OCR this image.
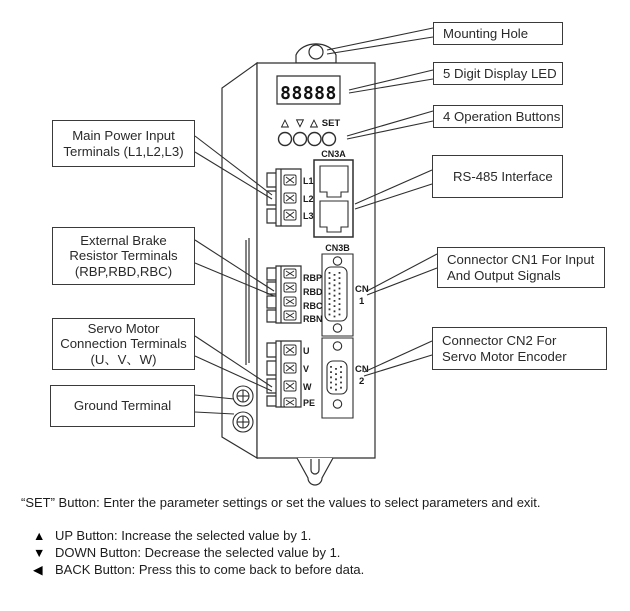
88888
△ ▽ △ SET
CN3A
CN3B
CN
1
CN
2
L1
L2
L3
RBP
RBD
RBC
RBN
U
V
W
PE
Main Power Input
Terminals (L1,L2,L3)
External Brake
Resistor Terminals
(RBP,RBD,RBC)
Servo Motor
Connection Terminals
(U、V、W)
Ground Terminal
Mounting Hole
5 Digit Display LED
4 Operation Buttons
RS-485 Interface
Connector CN1 For Input
And Output Signals
Connector CN2 For
Servo Motor Encoder
“SET” Button: Enter the parameter settings or set the values to select parameters and exit.
▲ UP Button: Increase the selected value by 1.
▼ DOWN Button: Decrease the selected value by 1.
◀ BACK Button: Press this to come back to before data.
